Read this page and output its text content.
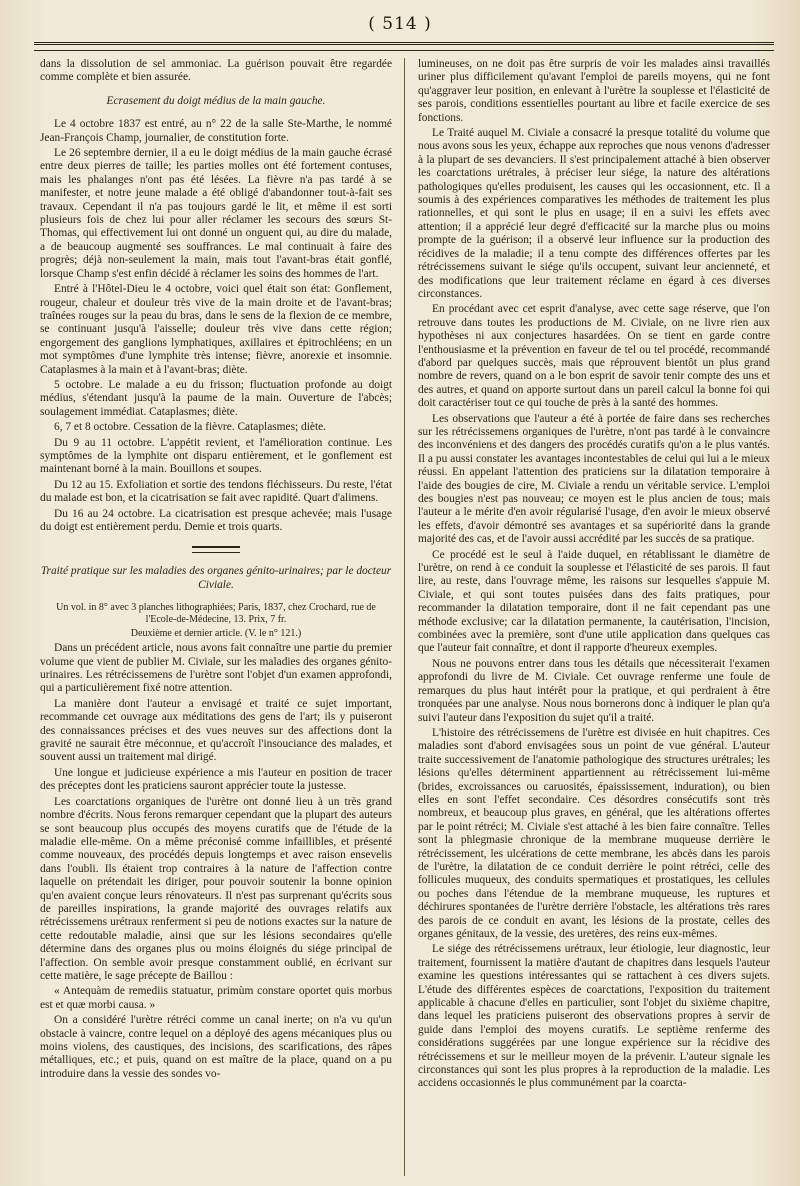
( 514 )

dans la dissolution de sel ammoniac. La guérison pouvait être regardée comme complète et bien assurée.

Ecrasement du doigt médius de la main gauche.

Le 4 octobre 1837 est entré, au n° 22 de la salle Ste-Marthe, le nommé Jean-François Champ, journalier, de constitution forte.

Le 26 septembre dernier, il a eu le doigt médius de la main gauche écrasé entre deux pierres de taille; les parties molles ont été fortement contuses, mais les phalanges n'ont pas été lésées. La fièvre n'a pas tardé à se manifester, et notre jeune malade a été obligé d'abandonner tout-à-fait ses travaux. Cependant il n'a pas toujours gardé le lit, et même il est sorti plusieurs fois de chez lui pour aller réclamer les secours des sœurs St-Thomas, qui effectivement lui ont donné un onguent qui, au dire du malade, a de beaucoup augmenté ses souffrances. Le mal continuait à faire des progrès; déjà non-seulement la main, mais tout l'avant-bras était gonflé, lorsque Champ s'est enfin décidé à réclamer les soins des hommes de l'art.

Entré à l'Hôtel-Dieu le 4 octobre, voici quel était son état: Gonflement, rougeur, chaleur et douleur très vive de la main droite et de l'avant-bras; traînées rouges sur la peau du bras, dans le sens de la flexion de ce membre, se continuant jusqu'à l'aisselle; douleur très vive dans cette région; engorgement des ganglions lymphatiques, axillaires et épitrochléens; en un mot symptômes d'une lymphite très intense; fièvre, anorexie et insomnie. Cataplasmes à la main et à l'avant-bras; diète.

5 octobre. Le malade a eu du frisson; fluctuation profonde au doigt médius, s'étendant jusqu'à la paume de la main. Ouverture de l'abcès; soulagement immédiat. Cataplasmes; diète.

6, 7 et 8 octobre. Cessation de la fièvre. Cataplasmes; diète.

Du 9 au 11 octobre. L'appétit revient, et l'amélioration continue. Les symptômes de la lymphite ont disparu entièrement, et le gonflement est maintenant borné à la main. Bouillons et soupes.

Du 12 au 15. Exfoliation et sortie des tendons fléchisseurs. Du reste, l'état du malade est bon, et la cicatrisation se fait avec rapidité. Quart d'alimens.

Du 16 au 24 octobre. La cicatrisation est presque achevée; mais l'usage du doigt est entièrement perdu. Demie et trois quarts.

Traité pratique sur les maladies des organes génito-urinaires; par le docteur Civiale.

Un vol. in 8° avec 3 planches lithographiées; Paris, 1837, chez Crochard, rue de l'Ecole-de-Médecine, 13. Prix, 7 fr.

Deuxième et dernier article. (V. le n° 121.)

Dans un précédent article, nous avons fait connaître une partie du premier volume que vient de publier M. Civiale, sur les maladies des organes génito-urinaires. Les rétrécissemens de l'urètre sont l'objet d'un examen approfondi, qui a particulièrement fixé notre attention.

La manière dont l'auteur a envisagé et traité ce sujet important, recommande cet ouvrage aux méditations des gens de l'art; ils y puiseront des connaissances précises et des vues neuves sur des affections dont la gravité ne saurait être méconnue, et qu'accroît l'insouciance des malades, et souvent aussi un traitement mal dirigé.

Une longue et judicieuse expérience a mis l'auteur en position de tracer des préceptes dont les praticiens sauront apprécier toute la justesse.

Les coarctations organiques de l'urètre ont donné lieu à un très grand nombre d'écrits. Nous ferons remarquer cependant que la plupart des auteurs se sont beaucoup plus occupés des moyens curatifs que de l'étude de la maladie elle-même. On a même préconisé comme infaillibles, et présenté comme nouveaux, des procédés depuis longtemps et avec raison ensevelis dans l'oubli. Ils étaient trop contraires à la nature de l'affection contre laquelle on prétendait les diriger, pour pouvoir soutenir la bonne opinion qu'en avaient conçue leurs rénovateurs. Il n'est pas surprenant qu'écrits sous de pareilles inspirations, la grande majorité des ouvrages relatifs aux rétrécissemens urétraux renferment si peu de notions exactes sur la nature de cette redoutable maladie, ainsi que sur les lésions secondaires qu'elle détermine dans des organes plus ou moins éloignés du siége principal de l'affection. On semble avoir presque constamment oublié, en écrivant sur cette matière, le sage précepte de Baillou :

« Antequàm de remediis statuatur, primùm constare oportet quis morbus est et quæ morbi causa. »

On a considéré l'urètre rétréci comme un canal inerte; on n'a vu qu'un obstacle à vaincre, contre lequel on a déployé des agens mécaniques plus ou moins violens, des caustiques, des incisions, des scarifications, des râpes métalliques, etc.; et puis, quand on est maître de la place, quand on a pu introduire dans la vessie des sondes vo-

lumineuses, on ne doit pas être surpris de voir les malades ainsi travaillés uriner plus difficilement qu'avant l'emploi de pareils moyens, qui ne font qu'aggraver leur position, en enlevant à l'urètre la souplesse et l'élasticité de ses parois, conditions essentielles pourtant au libre et facile exercice de ses fonctions.

Le Traité auquel M. Civiale a consacré la presque totalité du volume que nous avons sous les yeux, échappe aux reproches que nous venons d'adresser à la plupart de ses devanciers. Il s'est principalement attaché à bien observer les coarctations urétrales, à préciser leur siége, la nature des altérations pathologiques qu'elles produisent, les causes qui les occasionnent, etc. Il a soumis à des expériences comparatives les méthodes de traitement les plus rationnelles, et qui sont le plus en usage; il en a suivi les effets avec attention; il a apprécié leur degré d'efficacité sur la marche plus ou moins prompte de la guérison; il a observé leur influence sur la production des récidives de la maladie; il a tenu compte des différences offertes par les rétrécissemens suivant le siége qu'ils occupent, suivant leur ancienneté, et des modifications que leur traitement réclame en égard à ces diverses circonstances.

En procédant avec cet esprit d'analyse, avec cette sage réserve, que l'on retrouve dans toutes les productions de M. Civiale, on ne livre rien aux hypothèses ni aux conjectures hasardées. On se tient en garde contre l'enthousiasme et la prévention en faveur de tel ou tel procédé, recommandé d'abord par quelques succès, mais que réprouvent bientôt un plus grand nombre de revers, quand on a le bon esprit de savoir tenir compte des uns et des autres, et quand on apporte surtout dans un pareil calcul la bonne foi qui doit caractériser tout ce qui touche de près à la santé des hommes.

Les observations que l'auteur a été à portée de faire dans ses recherches sur les rétrécissemens organiques de l'urètre, n'ont pas tardé à le convaincre des inconvéniens et des dangers des procédés curatifs qu'on a le plus vantés. Il a pu aussi constater les avantages incontestables de celui qui lui a le mieux réussi. En appelant l'attention des praticiens sur la dilatation temporaire à l'aide des bougies de cire, M. Civiale a rendu un véritable service. L'emploi des bougies n'est pas nouveau; ce moyen est le plus ancien de tous; mais l'auteur a le mérite d'en avoir régularisé l'usage, d'en avoir le mieux observé les effets, d'avoir démontré ses avantages et sa supériorité dans la grande majorité des cas, et de l'avoir aussi accrédité par les succès de sa pratique.

Ce procédé est le seul à l'aide duquel, en rétablissant le diamètre de l'urètre, on rend à ce conduit la souplesse et l'élasticité de ses parois. Il faut lire, au reste, dans l'ouvrage même, les raisons sur lesquelles s'appuie M. Civiale, et qui sont toutes puisées dans des faits pratiques, pour recommander la dilatation temporaire, dont il ne fait cependant pas une méthode exclusive; car la dilatation permanente, la cautérisation, l'incision, combinées avec la première, sont d'une utile application dans quelques cas que l'auteur fait connaître, et dont il rapporte d'heureux exemples.

Nous ne pouvons entrer dans tous les détails que nécessiterait l'examen approfondi du livre de M. Civiale. Cet ouvrage renferme une foule de remarques du plus haut intérêt pour la pratique, et qui perdraient à être tronquées par une analyse. Nous nous bornerons donc à indiquer le plan qu'a suivi l'auteur dans l'exposition du sujet qu'il a traité.

L'histoire des rétrécissemens de l'urètre est divisée en huit chapitres. Ces maladies sont d'abord envisagées sous un point de vue général. L'auteur traite successivement de l'anatomie pathologique des structures urétrales; les lésions qu'elles déterminent appartiennent au rétrécissement lui-même (brides, excroissances ou caruosités, épaississement, induration), ou bien elles en sont l'effet secondaire. Ces désordres consécutifs sont très nombreux, et beaucoup plus graves, en général, que les altérations offertes par le point rétréci; M. Civiale s'est attaché à les bien faire connaître. Telles sont la phlegmasie chronique de la membrane muqueuse derrière le rétrécissement, les ulcérations de cette membrane, les abcès dans les parois de l'urètre, la dilatation de ce conduit derrière le point rétréci, celle des follicules muqueux, des conduits spermatiques et prostatiques, les cellules ou poches dans l'étendue de la membrane muqueuse, les ruptures et déchirures spontanées de l'urètre derrière l'obstacle, les altérations très rares des parois de ce conduit en avant, les lésions de la prostate, celles des organes génitaux, de la vessie, des uretères, des reins eux-mêmes.

Le siége des rétrécissemens urétraux, leur étiologie, leur diagnostic, leur traitement, fournissent la matière d'autant de chapitres dans lesquels l'auteur examine les questions intéressantes qui se rattachent à ces divers sujets. L'étude des différentes espèces de coarctations, l'exposition du traitement applicable à chacune d'elles en particulier, sont l'objet du sixième chapitre, dans lequel les praticiens puiseront des observations propres à servir de guide dans l'emploi des moyens curatifs. Le septième renferme des considérations suggérées par une longue expérience sur la récidive des rétrécissemens et sur le meilleur moyen de la prévenir. L'auteur signale les circonstances qui sont les plus propres à la reproduction de la maladie. Les accidens occasionnés le plus communément par la coarcta-
